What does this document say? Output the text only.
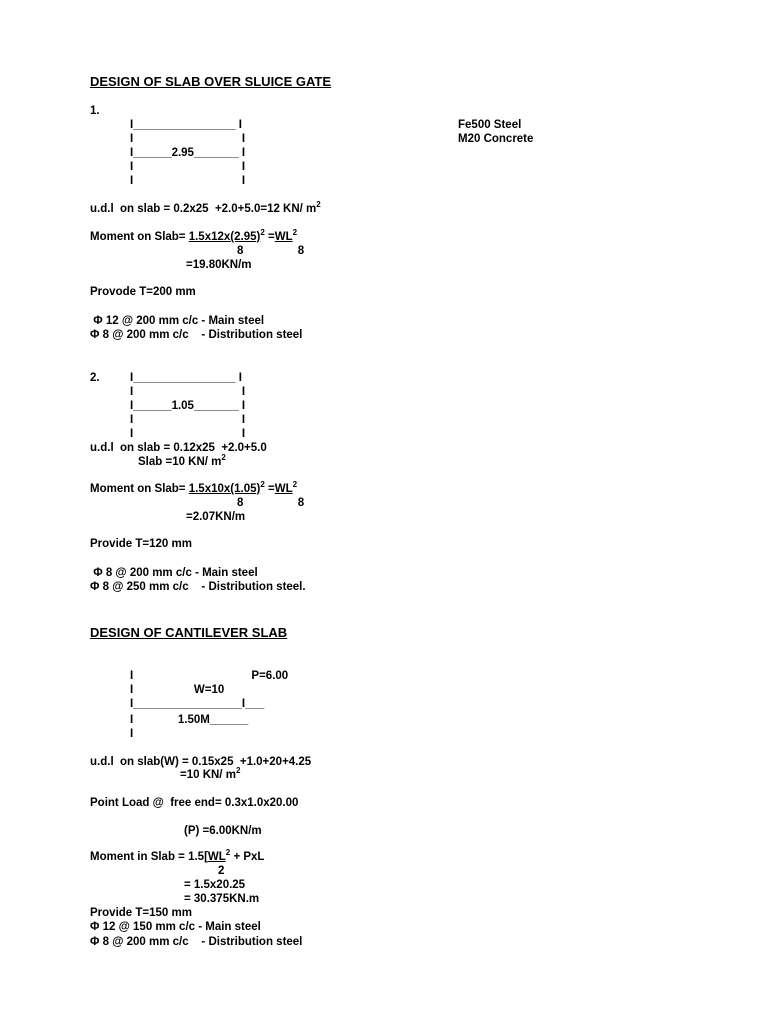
DESIGN OF SLAB OVER SLUICE GATE
1.
I________________ I
I                                  I
I______2.95_______ I
I                                  I
I                                  I
Fe500 Steel
M20 Concrete
u.d.l  on slab = 0.2x25  +2.0+5.0=12 KN/ $m^2$
Moment on Slab= $1.5x12x(2.95)^2 =WL^2$
8                 8
=19.80KN/m
Provode T=200 mm
Φ 12 @ 200 mm c/c - Main steel
Φ 8 @ 200 mm c/c    - Distribution steel
2.	I________________ I
I                                  I
I______1.05_______ I
I                                  I
I                                  I
u.d.l  on slab = 0.12x25  +2.0+5.0
Slab =10 KN/ $m^2$
Moment on Slab= $1.5x10x(1.05)^2 =WL^2$
8                 8
=2.07KN/m
Provide T=120 mm
Φ 8 @ 200 mm c/c - Main steel
Φ 8 @ 250 mm c/c    - Distribution steel.
DESIGN OF CANTILEVER SLAB
I                                     P=6.00
I                   W=10
I_________________I___
I              1.50M______
I
u.d.l  on slab(W) = 0.15x25  +1.0+20+4.25
=10 KN/ $m^2$
Point Load @  free end= 0.3x1.0x20.00
(P) =6.00KN/m
Moment in Slab = $1.5[WL^2$ + PxL
2
= 1.5x20.25
= 30.375KN.m
Provide T=150 mm
Φ 12 @ 150 mm c/c - Main steel
Φ 8 @ 200 mm c/c    - Distribution steel
